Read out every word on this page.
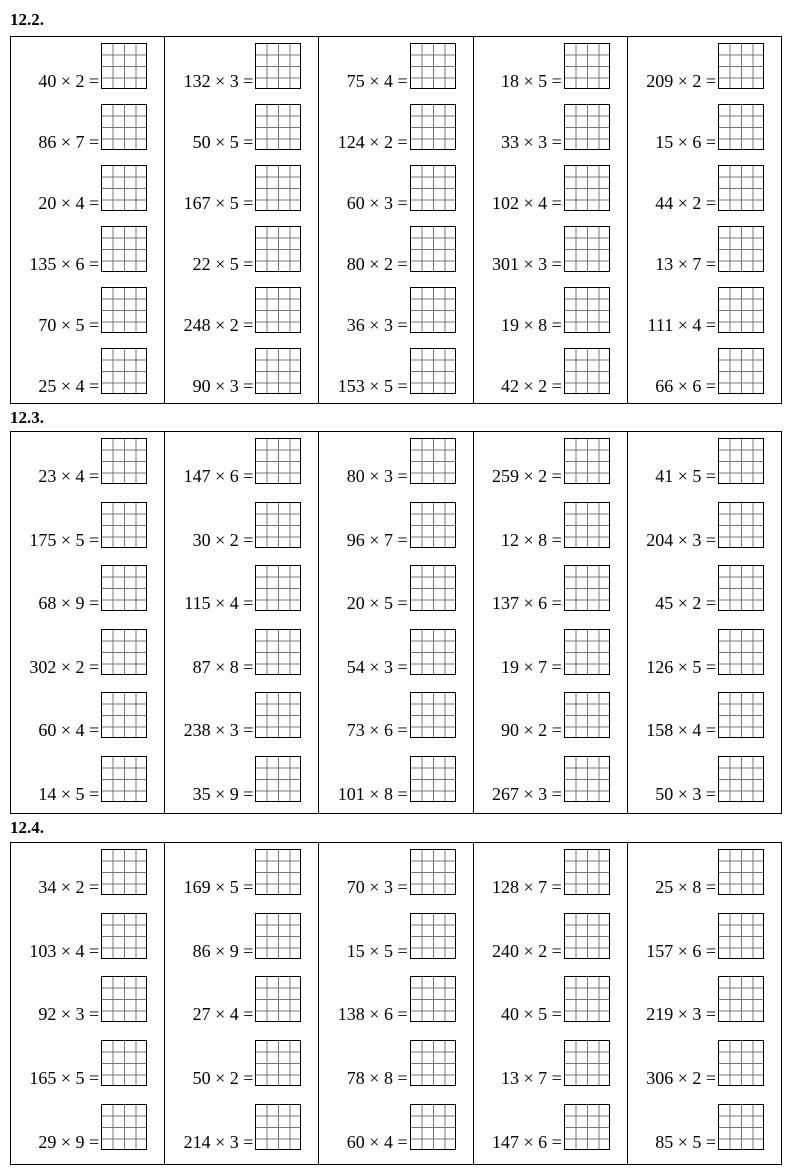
12.2.
40 × 2 =
86 × 7 =
20 × 4 =
135 × 6 =
70 × 5 =
25 × 4 =
132 × 3 =
50 × 5 =
167 × 5 =
22 × 5 =
248 × 2 =
90 × 3 =
75 × 4 =
124 × 2 =
60 × 3 =
80 × 2 =
36 × 3 =
153 × 5 =
18 × 5 =
33 × 3 =
102 × 4 =
301 × 3 =
19 × 8 =
42 × 2 =
209 × 2 =
15 × 6 =
44 × 2 =
13 × 7 =
111 × 4 =
66 × 6 =
12.3.
23 × 4 =
175 × 5 =
68 × 9 =
302 × 2 =
60 × 4 =
14 × 5 =
147 × 6 =
30 × 2 =
115 × 4 =
87 × 8 =
238 × 3 =
35 × 9 =
80 × 3 =
96 × 7 =
20 × 5 =
54 × 3 =
73 × 6 =
101 × 8 =
259 × 2 =
12 × 8 =
137 × 6 =
19 × 7 =
90 × 2 =
267 × 3 =
41 × 5 =
204 × 3 =
45 × 2 =
126 × 5 =
158 × 4 =
50 × 3 =
12.4.
34 × 2 =
103 × 4 =
92 × 3 =
165 × 5 =
29 × 9 =
169 × 5 =
86 × 9 =
27 × 4 =
50 × 2 =
214 × 3 =
70 × 3 =
15 × 5 =
138 × 6 =
78 × 8 =
60 × 4 =
128 × 7 =
240 × 2 =
40 × 5 =
13 × 7 =
147 × 6 =
25 × 8 =
157 × 6 =
219 × 3 =
306 × 2 =
85 × 5 =
